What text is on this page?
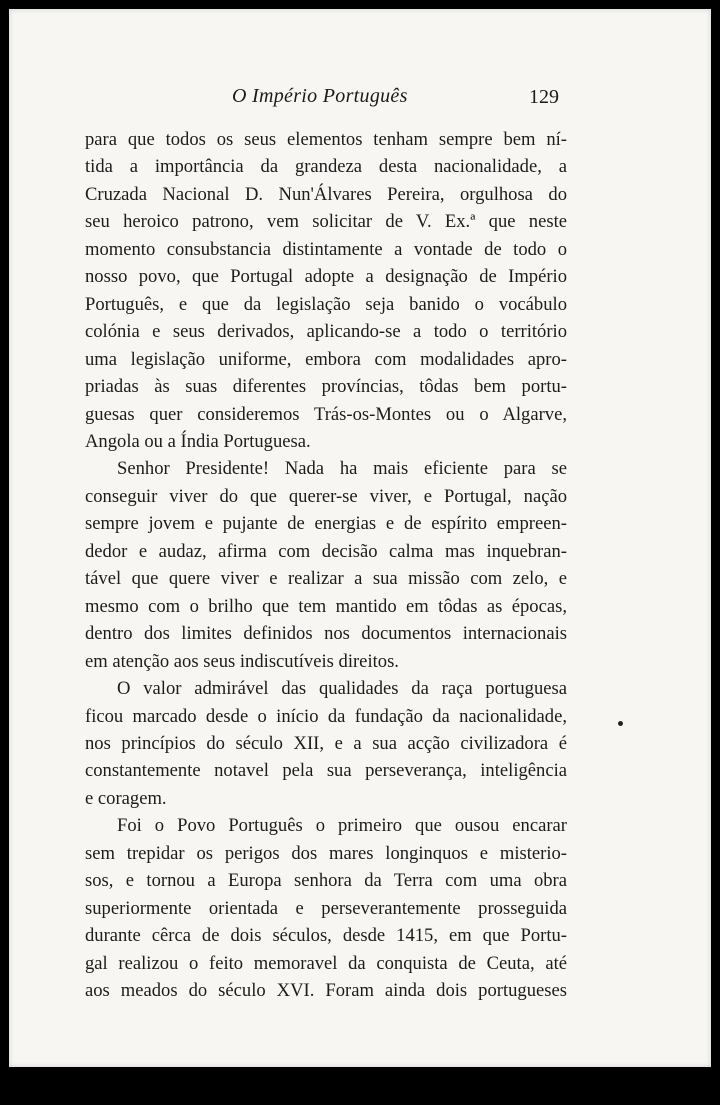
O Império Português	129
para que todos os seus elementos tenham sempre bem ní-
tida a importância da grandeza desta nacionalidade, a
Cruzada Nacional D. Nun'Álvares Pereira, orgulhosa do
seu heroico patrono, vem solicitar de V. Ex.ª que neste
momento consubstancia distintamente a vontade de todo o
nosso povo, que Portugal adopte a designação de Império
Português, e que da legislação seja banido o vocábulo
colónia e seus derivados, aplicando-se a todo o território
uma legislação uniforme, embora com modalidades apro-
priadas às suas diferentes províncias, tôdas bem portu-
guesas quer consideremos Trás-os-Montes ou o Algarve,
Angola ou a Índia Portuguesa.
Senhor Presidente! Nada ha mais eficiente para se
conseguir viver do que querer-se viver, e Portugal, nação
sempre jovem e pujante de energias e de espírito empreen-
dedor e audaz, afirma com decisão calma mas inquebran-
tável que quere viver e realizar a sua missão com zelo, e
mesmo com o brilho que tem mantido em tôdas as épocas,
dentro dos limites definidos nos documentos internacionais
em atenção aos seus indiscutíveis direitos.
O valor admirável das qualidades da raça portuguesa
ficou marcado desde o início da fundação da nacionalidade,
nos princípios do século XII, e a sua acção civilizadora é
constantemente notavel pela sua perseverança, inteligência
e coragem.
Foi o Povo Português o primeiro que ousou encarar
sem trepidar os perigos dos mares longinquos e misterio-
sos, e tornou a Europa senhora da Terra com uma obra
superiormente orientada e perseverantemente prosseguida
durante cêrca de dois séculos, desde 1415, em que Portu-
gal realizou o feito memoravel da conquista de Ceuta, até
aos meados do século XVI. Foram ainda dois portugueses
